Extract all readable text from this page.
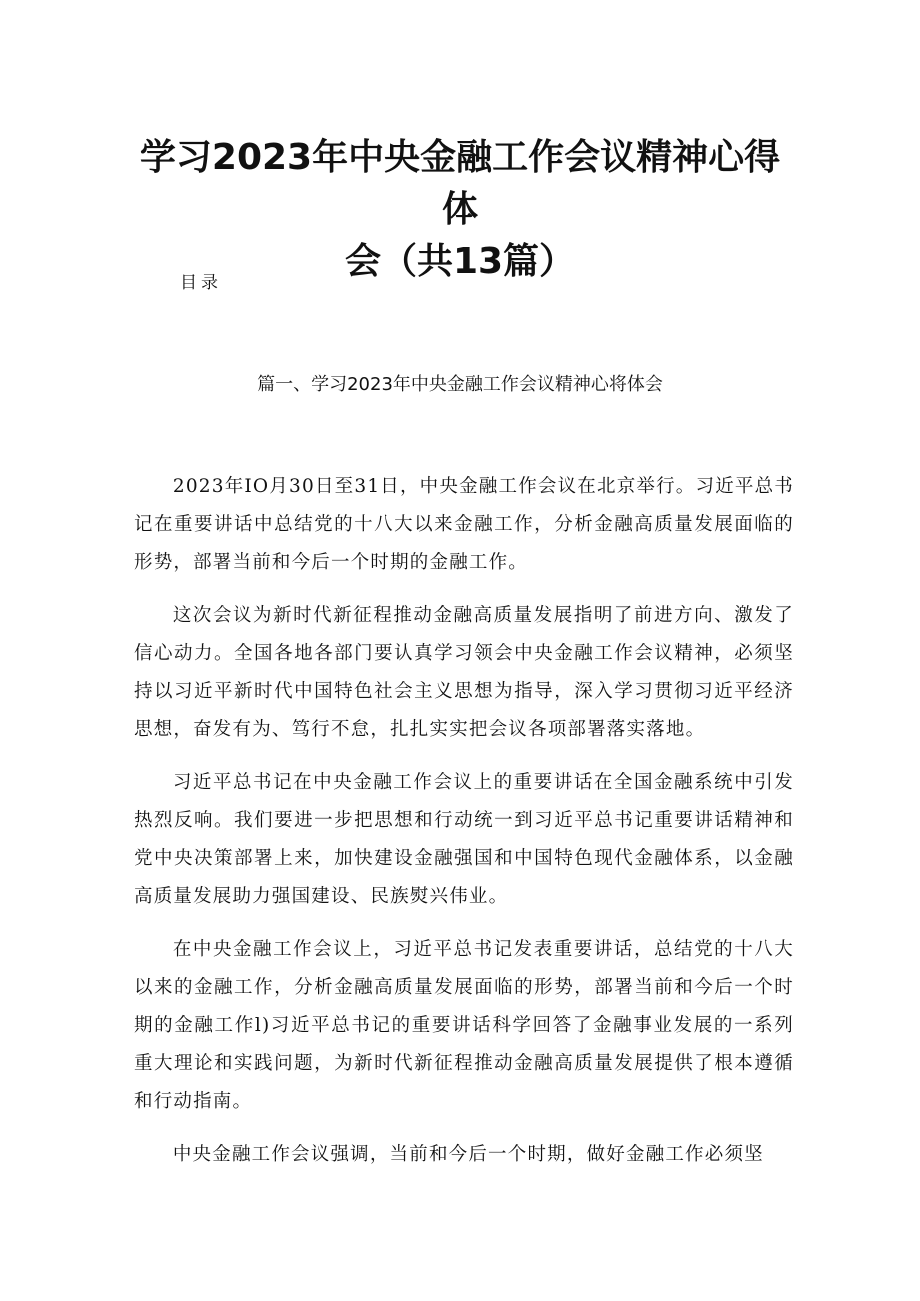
学习2023年中央金融工作会议精神心得体
会（共13篇）
目录
篇一、学习2023年中央金融工作会议精神心将体会

2023年IO月30日至31日，中央金融工作会议在北京举行。习近平总书记在重要讲话中总结党的十八大以来金融工作，分析金融高质量发展面临的形势，部署当前和今后一个时期的金融工作。

这次会议为新时代新征程推动金融高质量发展指明了前进方向、激发了信心动力。全国各地各部门要认真学习领会中央金融工作会议精神，必须坚持以习近平新时代中国特色社会主义思想为指导，深入学习贯彻习近平经济思想，奋发有为、笃行不怠，扎扎实实把会议各项部署落实落地。

习近平总书记在中央金融工作会议上的重要讲话在全国金融系统中引发热烈反响。我们要进一步把思想和行动统一到习近平总书记重要讲话精神和党中央决策部署上来，加快建设金融强国和中国特色现代金融体系，以金融高质量发展助力强国建设、民族熨兴伟业。

在中央金融工作会议上，习近平总书记发表重要讲话，总结党的十八大以来的金融工作，分析金融高质量发展面临的形势，部署当前和今后一个时期的金融工作l)习近平总书记的重要讲话科学回答了金融事业发展的一系列重大理论和实践问题，为新时代新征程推动金融高质量发展提供了根本遵循和行动指南。

中央金融工作会议强调，当前和今后一个时期，做好金融工作必须坚
